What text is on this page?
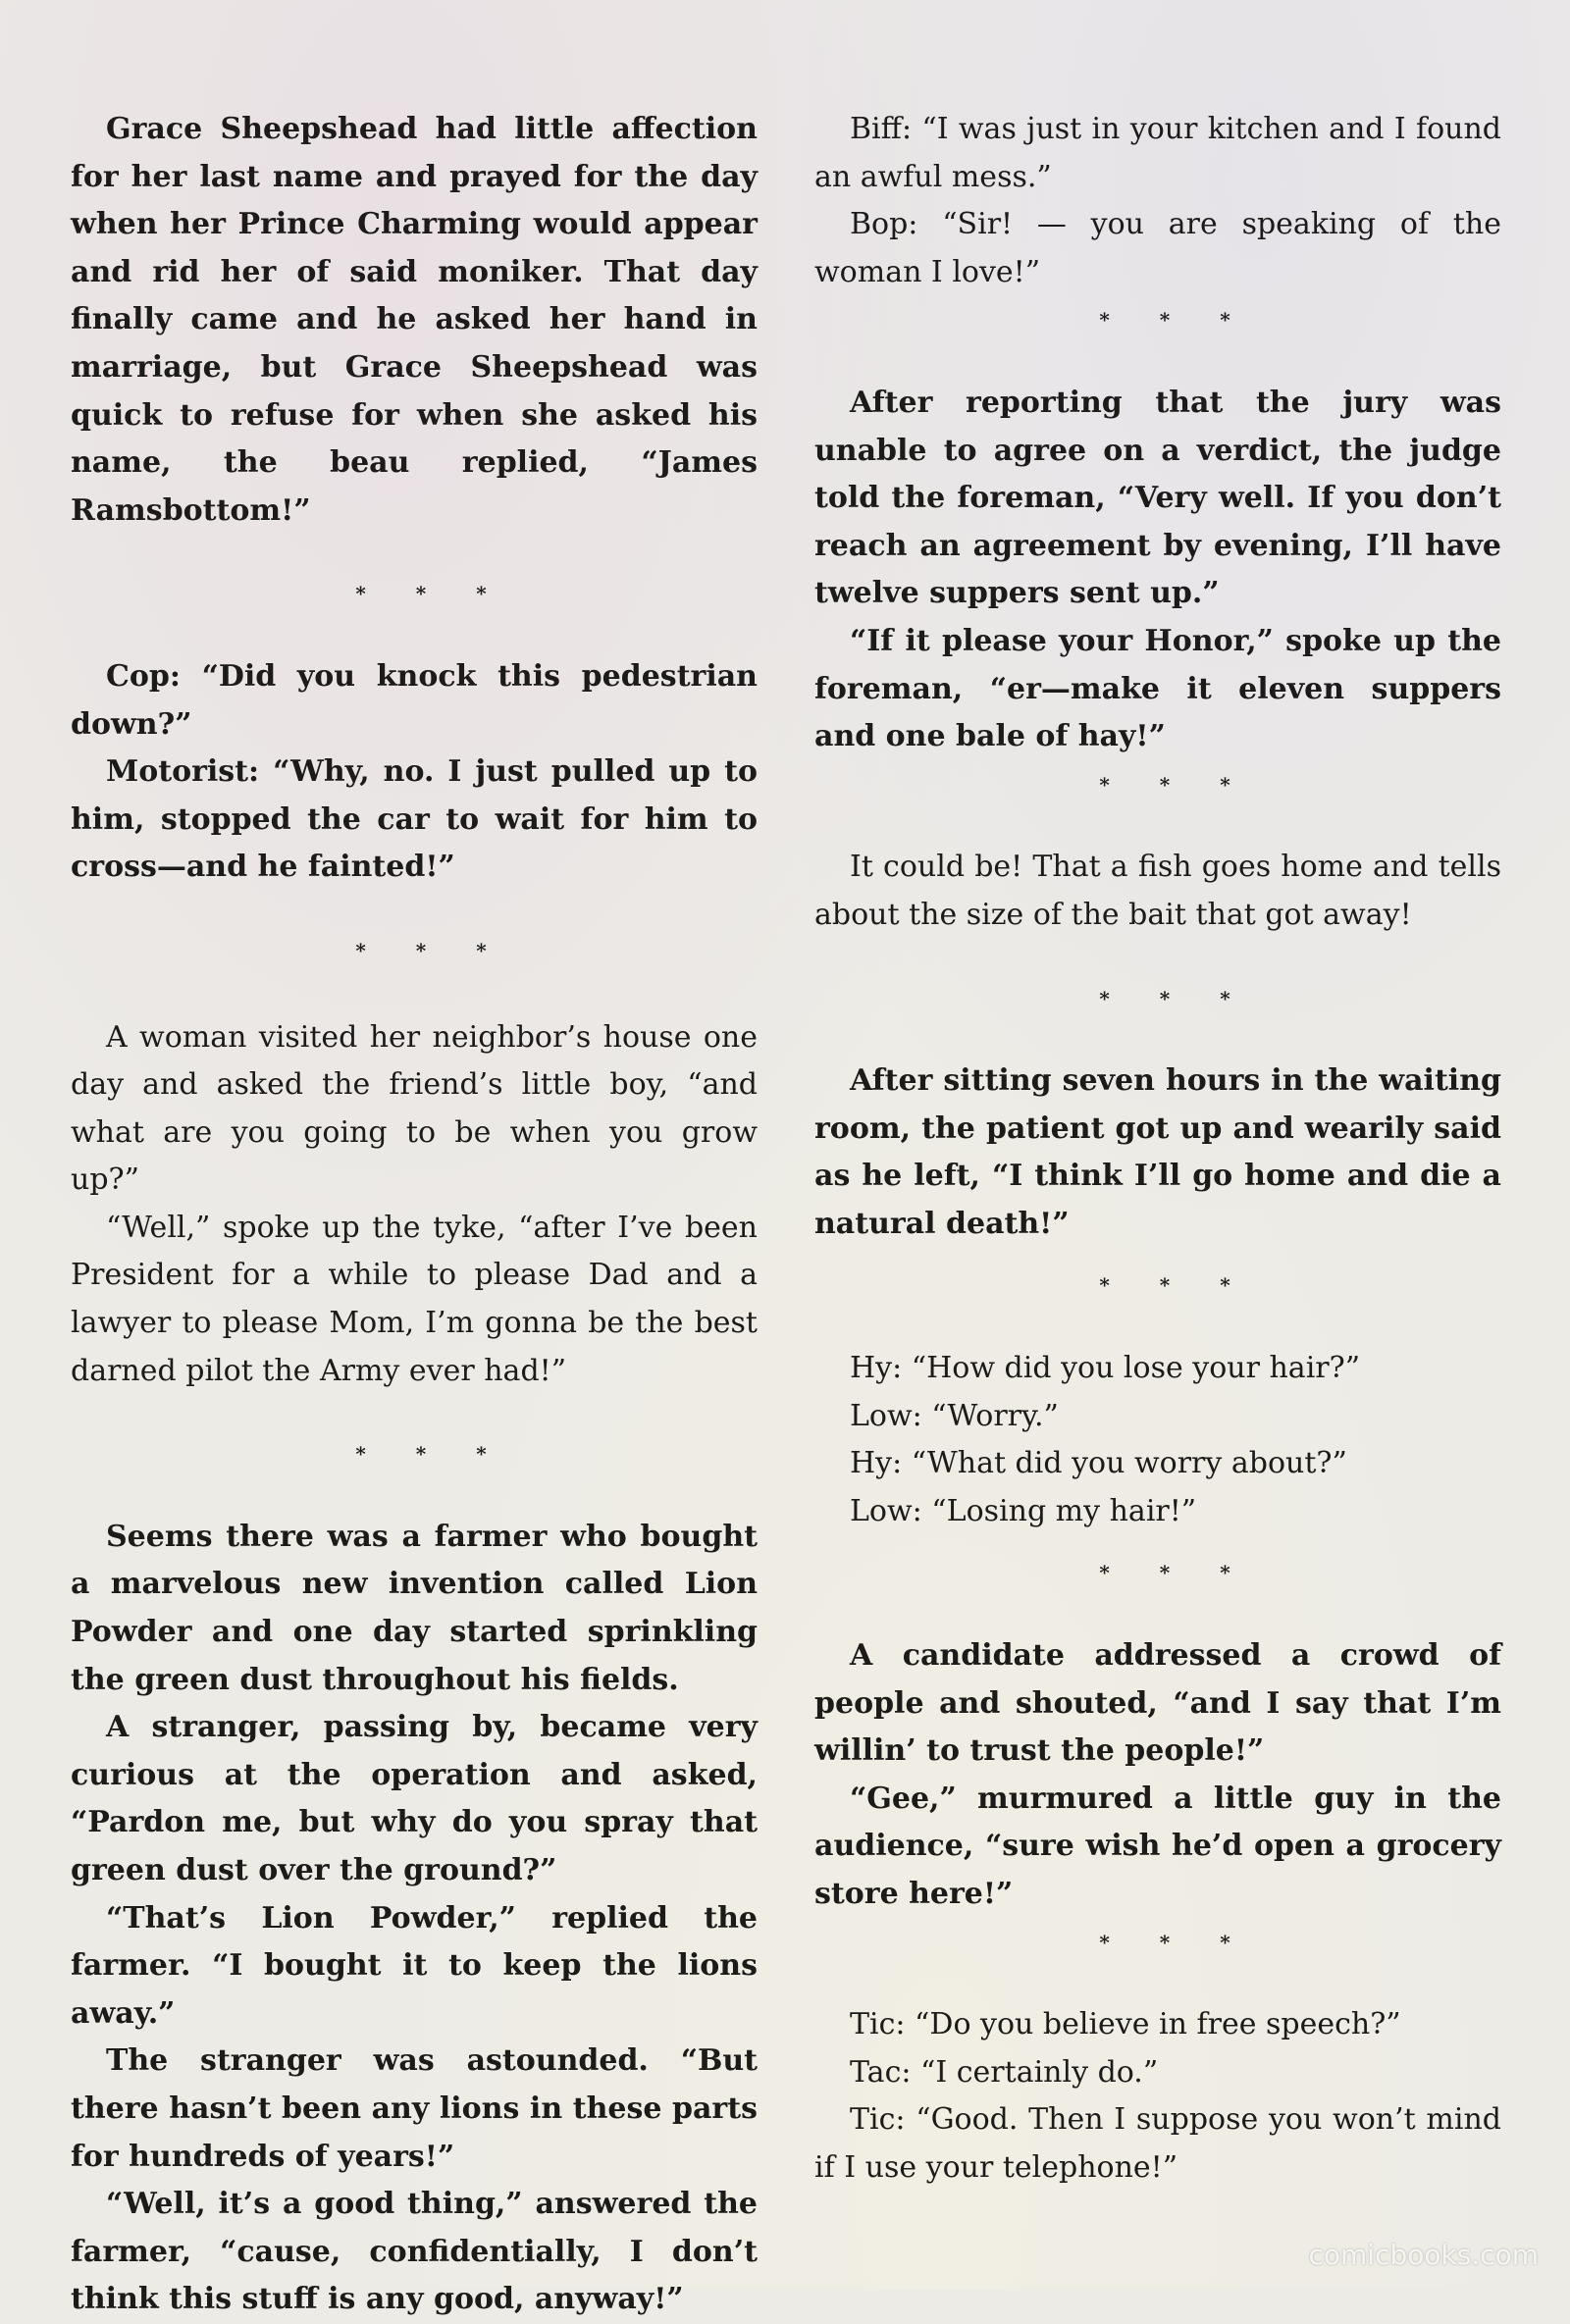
Grace Sheepshead had little affection for her last name and prayed for the day when her Prince Charming would appear and rid her of said moniker. That day finally came and he asked her hand in marriage, but Grace Sheepshead was quick to refuse for when she asked his name, the beau replied, “James Ramsbottom!”

* * *

Cop: “Did you knock this pedestrian down?”

Motorist: “Why, no. I just pulled up to him, stopped the car to wait for him to cross—and he fainted!”

* * *

A woman visited her neighbor’s house one day and asked the friend’s little boy, “and what are you going to be when you grow up?”

“Well,” spoke up the tyke, “after I’ve been President for a while to please Dad and a lawyer to please Mom, I’m gonna be the best darned pilot the Army ever had!”

* * *

Seems there was a farmer who bought a marvelous new invention called Lion Powder and one day started sprinkling the green dust throughout his fields.

A stranger, passing by, became very curious at the operation and asked, “Pardon me, but why do you spray that green dust over the ground?”

“That’s Lion Powder,” replied the farmer. “I bought it to keep the lions away.”

The stranger was astounded. “But there hasn’t been any lions in these parts for hundreds of years!”

“Well, it’s a good thing,” answered the farmer, “cause, confidentially, I don’t think this stuff is any good, anyway!”

Biff: “I was just in your kitchen and I found an awful mess.”

Bop: “Sir! — you are speaking of the woman I love!”

* * *

After reporting that the jury was unable to agree on a verdict, the judge told the foreman, “Very well. If you don’t reach an agreement by evening, I’ll have twelve suppers sent up.”

“If it please your Honor,” spoke up the foreman, “er—make it eleven suppers and one bale of hay!”

* * *

It could be! That a fish goes home and tells about the size of the bait that got away!

* * *

After sitting seven hours in the waiting room, the patient got up and wearily said as he left, “I think I’ll go home and die a natural death!”

* * *

Hy: “How did you lose your hair?”

Low: “Worry.”

Hy: “What did you worry about?”

Low: “Losing my hair!”

* * *

A candidate addressed a crowd of people and shouted, “and I say that I’m willin’ to trust the people!”

“Gee,” murmured a little guy in the audience, “sure wish he’d open a grocery store here!”

* * *

Tic: “Do you believe in free speech?”

Tac: “I certainly do.”

Tic: “Good. Then I suppose you won’t mind if I use your telephone!”

comicbooks.com
